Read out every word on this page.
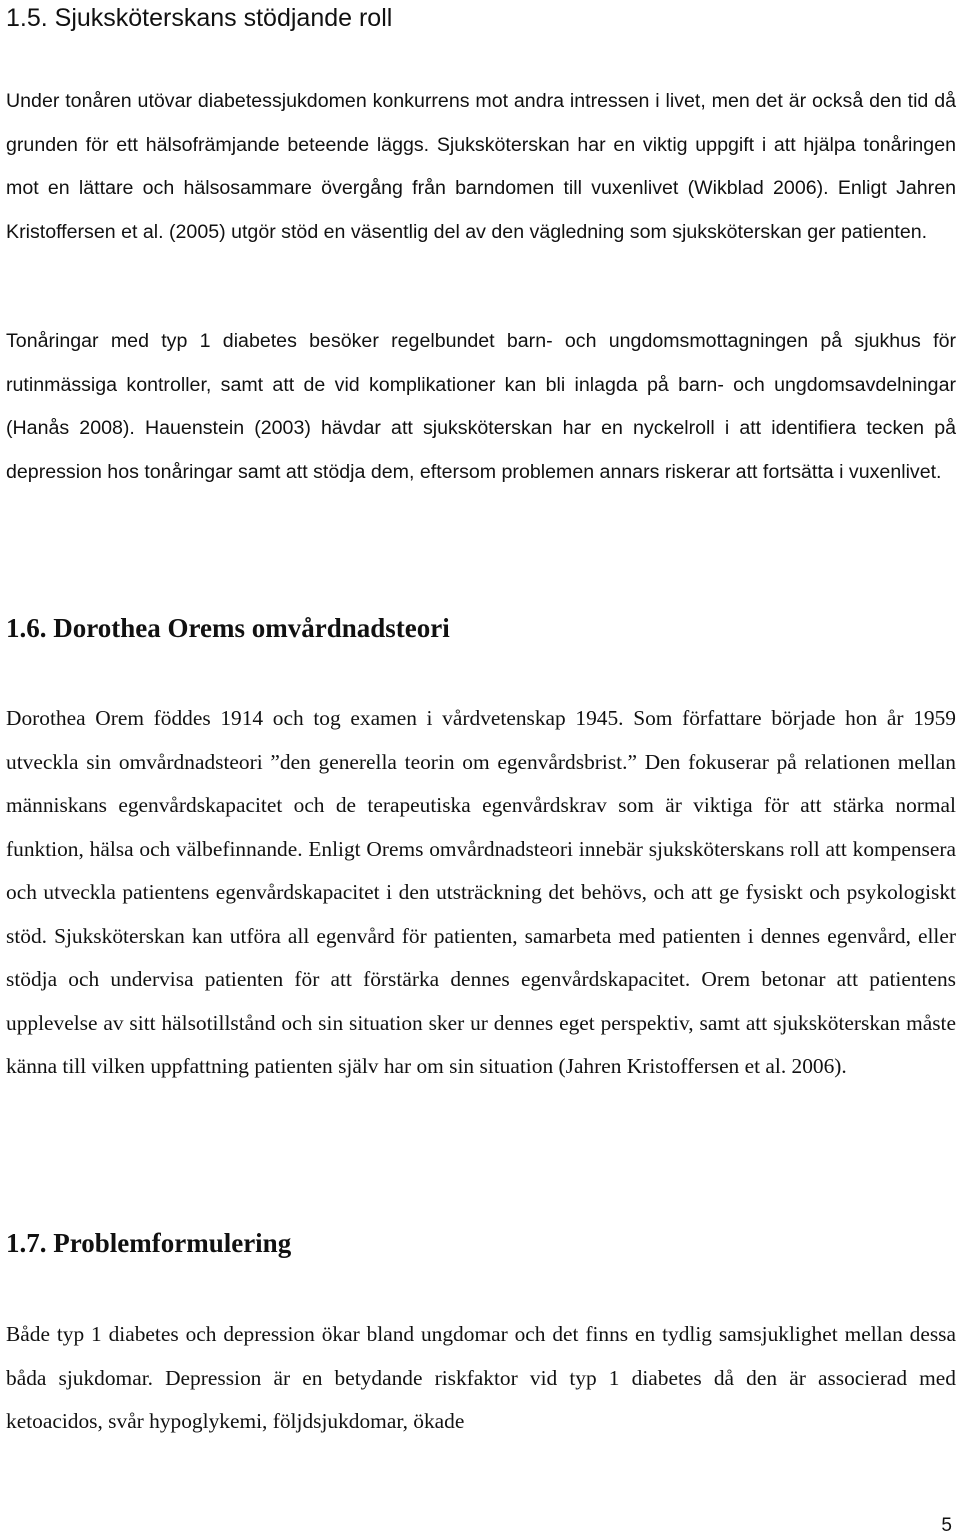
1.5. Sjuksköterskans stödjande roll

Under tonåren utövar diabetessjukdomen konkurrens mot andra intressen i livet, men det är också den tid då grunden för ett hälsofrämjande beteende läggs. Sjuksköterskan har en viktig uppgift i att hjälpa tonåringen mot en lättare och hälsosammare övergång från barndomen till vuxenlivet (Wikblad 2006). Enligt Jahren Kristoffersen et al. (2005) utgör stöd en väsentlig del av den vägledning som sjuksköterskan ger patienten.

Tonåringar med typ 1 diabetes besöker regelbundet barn- och ungdomsmottagningen på sjukhus för rutinmässiga kontroller, samt att de vid komplikationer kan bli inlagda på barn- och ungdomsavdelningar (Hanås 2008). Hauenstein (2003) hävdar att sjuksköterskan har en nyckelroll i att identifiera tecken på depression hos tonåringar samt att stödja dem, eftersom problemen annars riskerar att fortsätta i vuxenlivet.

1.6. Dorothea Orems omvårdnadsteori

Dorothea Orem föddes 1914 och tog examen i vårdvetenskap 1945. Som författare började hon år 1959 utveckla sin omvårdnadsteori ”den generella teorin om egenvårdsbrist.” Den fokuserar på relationen mellan människans egenvårdskapacitet och de terapeutiska egenvårdskrav som är viktiga för att stärka normal funktion, hälsa och välbefinnande. Enligt Orems omvårdnadsteori innebär sjuksköterskans roll att kompensera och utveckla patientens egenvårdskapacitet i den utsträckning det behövs, och att ge fysiskt och psykologiskt stöd. Sjuksköterskan kan utföra all egenvård för patienten, samarbeta med patienten i dennes egenvård, eller stödja och undervisa patienten för att förstärka dennes egenvårdskapacitet. Orem betonar att patientens upplevelse av sitt hälsotillstånd och sin situation sker ur dennes eget perspektiv, samt att sjuksköterskan måste känna till vilken uppfattning patienten själv har om sin situation (Jahren Kristoffersen et al. 2006).

1.7. Problemformulering

Både typ 1 diabetes och depression ökar bland ungdomar och det finns en tydlig samsjuklighet mellan dessa båda sjukdomar. Depression är en betydande riskfaktor vid typ 1 diabetes då den är associerad med ketoacidos, svår hypoglykemi, följdsjukdomar, ökade

5
